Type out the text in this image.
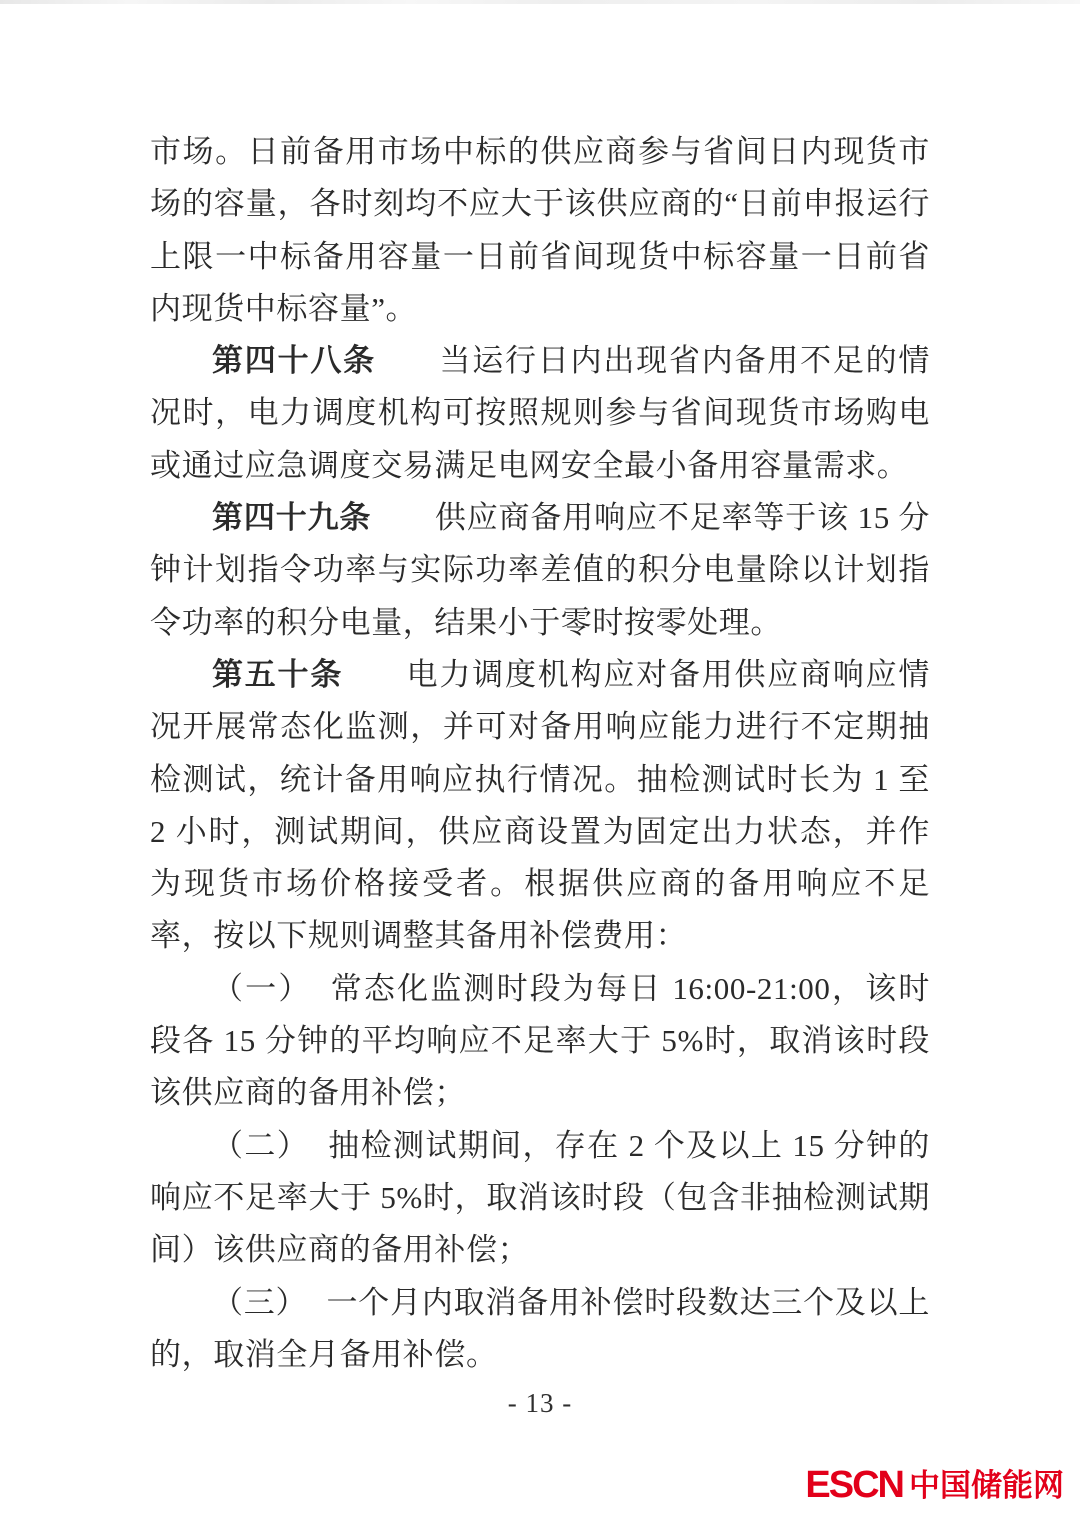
市场。日前备用市场中标的供应商参与省间日内现货市场的容量，各时刻均不应大于该供应商的“日前申报运行上限一中标备用容量一日前省间现货中标容量一日前省内现货中标容量”。

第四十八条 当运行日内出现省内备用不足的情况时，电力调度机构可按照规则参与省间现货市场购电或通过应急调度交易满足电网安全最小备用容量需求。

第四十九条 供应商备用响应不足率等于该 15 分钟计划指令功率与实际功率差值的积分电量除以计划指令功率的积分电量，结果小于零时按零处理。

第五十条 电力调度机构应对备用供应商响应情况开展常态化监测，并可对备用响应能力进行不定期抽检测试，统计备用响应执行情况。抽检测试时长为 1 至 2 小时，测试期间，供应商设置为固定出力状态，并作为现货市场价格接受者。根据供应商的备用响应不足率，按以下规则调整其备用补偿费用：

（一） 常态化监测时段为每日 16:00-21:00，该时段各 15 分钟的平均响应不足率大于 5%时，取消该时段该供应商的备用补偿；

（二） 抽检测试期间，存在 2 个及以上 15 分钟的响应不足率大于 5%时，取消该时段（包含非抽检测试期间）该供应商的备用补偿；

（三） 一个月内取消备用补偿时段数达三个及以上的，取消全月备用补偿。

- 13 -
ESCN 中国储能网
